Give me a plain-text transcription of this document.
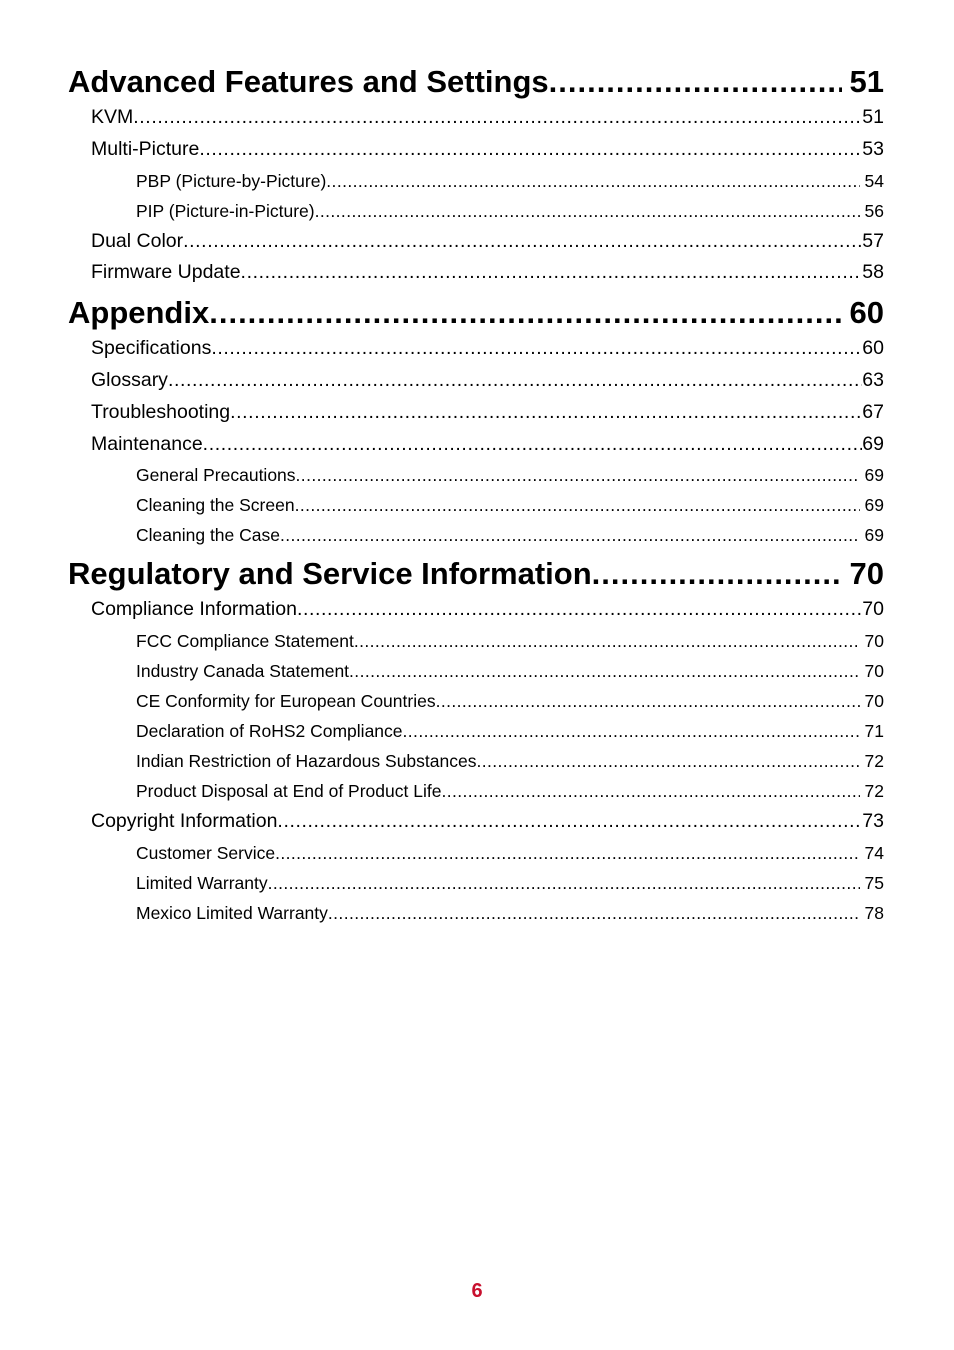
Advanced Features and Settings .....	51
KVM .....	51
Multi-Picture .....	53
PBP (Picture-by-Picture) .....	54
PIP (Picture-in-Picture) .....	56
Dual Color .....	57
Firmware Update .....	58
Appendix .....	60
Specifications .....	60
Glossary .....	63
Troubleshooting .....	67
Maintenance .....	69
General Precautions .....	69
Cleaning the Screen .....	69
Cleaning the Case .....	69
Regulatory and Service Information .....	70
Compliance Information .....	70
FCC Compliance Statement .....	70
Industry Canada Statement .....	70
CE Conformity for European Countries .....	70
Declaration of RoHS2 Compliance .....	71
Indian Restriction of Hazardous Substances .....	72
Product Disposal at End of Product Life .....	72
Copyright Information .....	73
Customer Service .....	74
Limited Warranty .....	75
Mexico Limited Warranty .....	78
6
